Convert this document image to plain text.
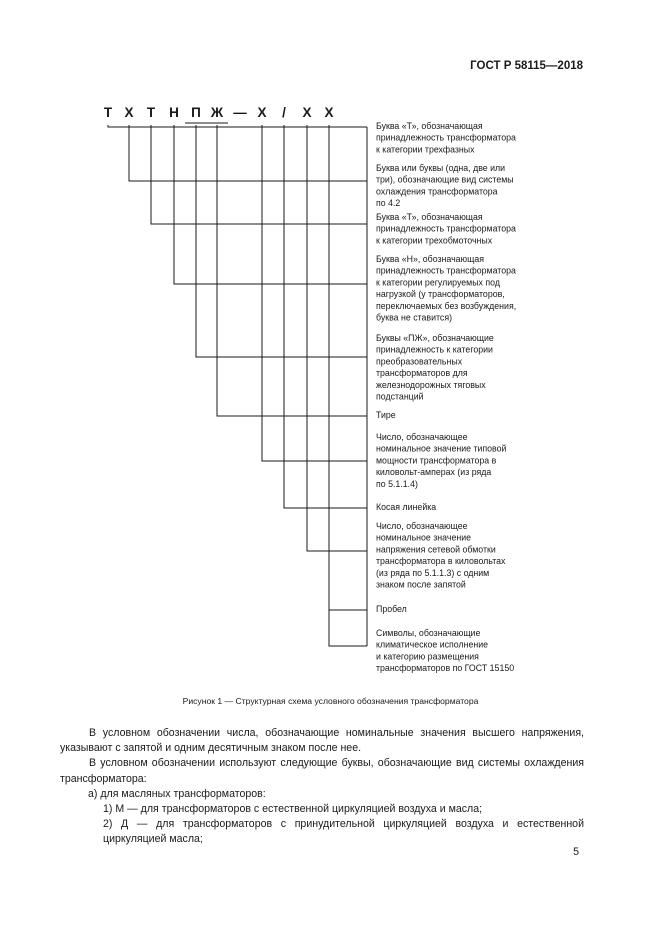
ГОСТ Р 58115—2018
Т Х Т Н П Ж — Х / Х Х
Буква «Т», обозначающая принадлежность трансформатора к категории трехфазных
Буква или буквы (одна, две или три), обозначающие вид системы охлаждения трансформатора по 4.2
Буква «Т», обозначающая принадлежность трансформатора к категории трехобмоточных
Буква «Н», обозначающая принадлежность трансформатора к категории регулируемых под нагрузкой (у трансформаторов, переключаемых без возбуждения, буква не ставится)
Буквы «ПЖ», обозначающие принадлежность к категории преобразовательных трансформаторов для железнодорожных тяговых подстанций
Тире
Число, обозначающее номинальное значение типовой мощности трансформатора в киловольт-амперах (из ряда по 5.1.1.4)
Косая линейка
Число, обозначающее номинальное значение напряжения сетевой обмотки трансформатора в киловольтах (из ряда по 5.1.1.3) с одним знаком после запятой
Пробел
Символы, обозначающие климатическое исполнение и категорию размещения трансформаторов по ГОСТ 15150
Рисунок 1 — Структурная схема условного обозначения трансформатора

В условном обозначении числа, обозначающие номинальные значения высшего напряжения, указывают с запятой и одним десятичным знаком после нее.

В условном обозначении используют следующие буквы, обозначающие вид системы охлаждения трансформатора:

а) для масляных трансформаторов:

1) М — для трансформаторов с естественной циркуляцией воздуха и масла;

2) Д — для трансформаторов с принудительной циркуляцией воздуха и естественной циркуляцией масла;

5
